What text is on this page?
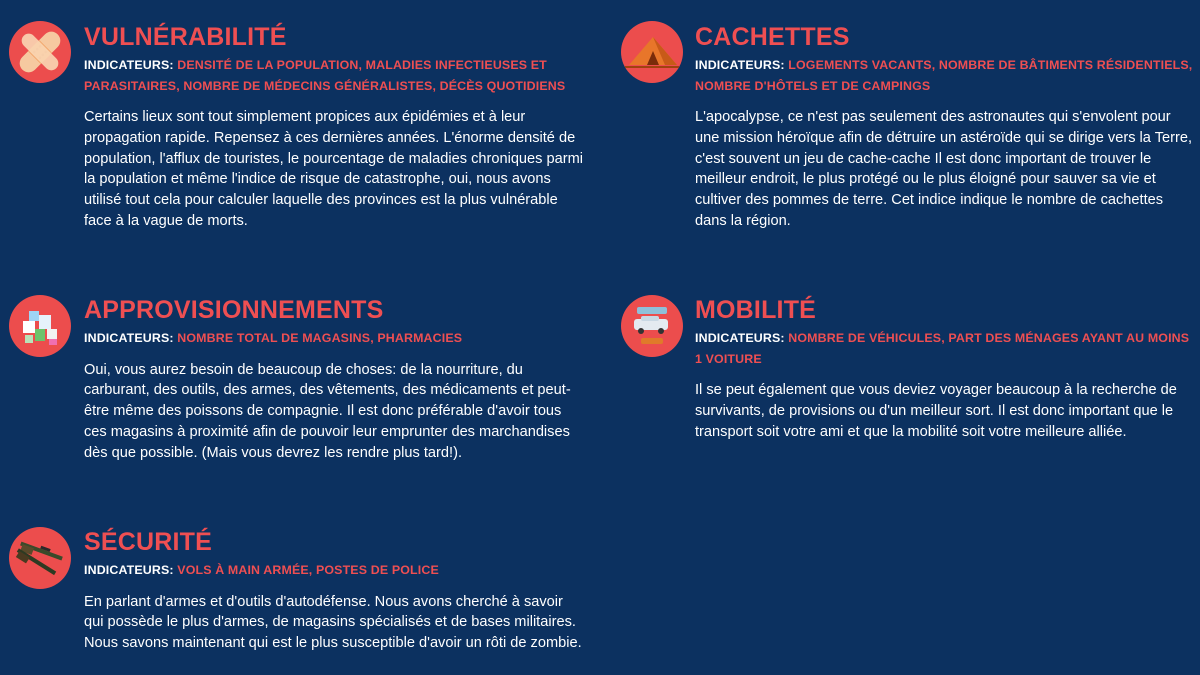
VULNÉRABILITÉ
INDICATEURS: DENSITÉ DE LA POPULATION, MALADIES INFECTIEUSES ET PARASITAIRES, NOMBRE DE MÉDECINS GÉNÉRALISTES, DÉCÈS QUOTIDIENS
Certains lieux sont tout simplement propices aux épidémies et à leur propagation rapide. Repensez à ces dernières années. L'énorme densité de population, l'afflux de touristes, le pourcentage de maladies chroniques parmi la population et même l'indice de risque de catastrophe, oui, nous avons utilisé tout cela pour calculer laquelle des provinces est la plus vulnérable face à la vague de morts.
CACHETTES
INDICATEURS: LOGEMENTS VACANTS, NOMBRE DE BÂTIMENTS RÉSIDENTIELS, NOMBRE D'HÔTELS ET DE CAMPINGS
L'apocalypse, ce n'est pas seulement des astronautes qui s'envolent pour une mission héroïque afin de détruire un astéroïde qui se dirige vers la Terre, c'est souvent un jeu de cache-cache Il est donc important de trouver le meilleur endroit, le plus protégé ou le plus éloigné pour sauver sa vie et cultiver des pommes de terre. Cet indice indique le nombre de cachettes dans la région.
APPROVISIONNEMENTS
INDICATEURS: NOMBRE TOTAL DE MAGASINS, PHARMACIES
Oui, vous aurez besoin de beaucoup de choses: de la nourriture, du carburant, des outils, des armes, des vêtements, des médicaments et peut-être même des poissons de compagnie. Il est donc préférable d'avoir tous ces magasins à proximité afin de pouvoir leur emprunter des marchandises dès que possible. (Mais vous devrez les rendre plus tard!).
MOBILITÉ
INDICATEURS: NOMBRE DE VÉHICULES, PART DES MÉNAGES AYANT AU MOINS 1 VOITURE
Il se peut également que vous deviez voyager beaucoup à la recherche de survivants, de provisions ou d'un meilleur sort. Il est donc important que le transport soit votre ami et que la mobilité soit votre meilleure alliée.
SÉCURITÉ
INDICATEURS: VOLS À MAIN ARMÉE, POSTES DE POLICE
En parlant d'armes et d'outils d'autodéfense. Nous avons cherché à savoir qui possède le plus d'armes, de magasins spécialisés et de bases militaires. Nous savons maintenant qui est le plus susceptible d'avoir un rôti de zombie.
